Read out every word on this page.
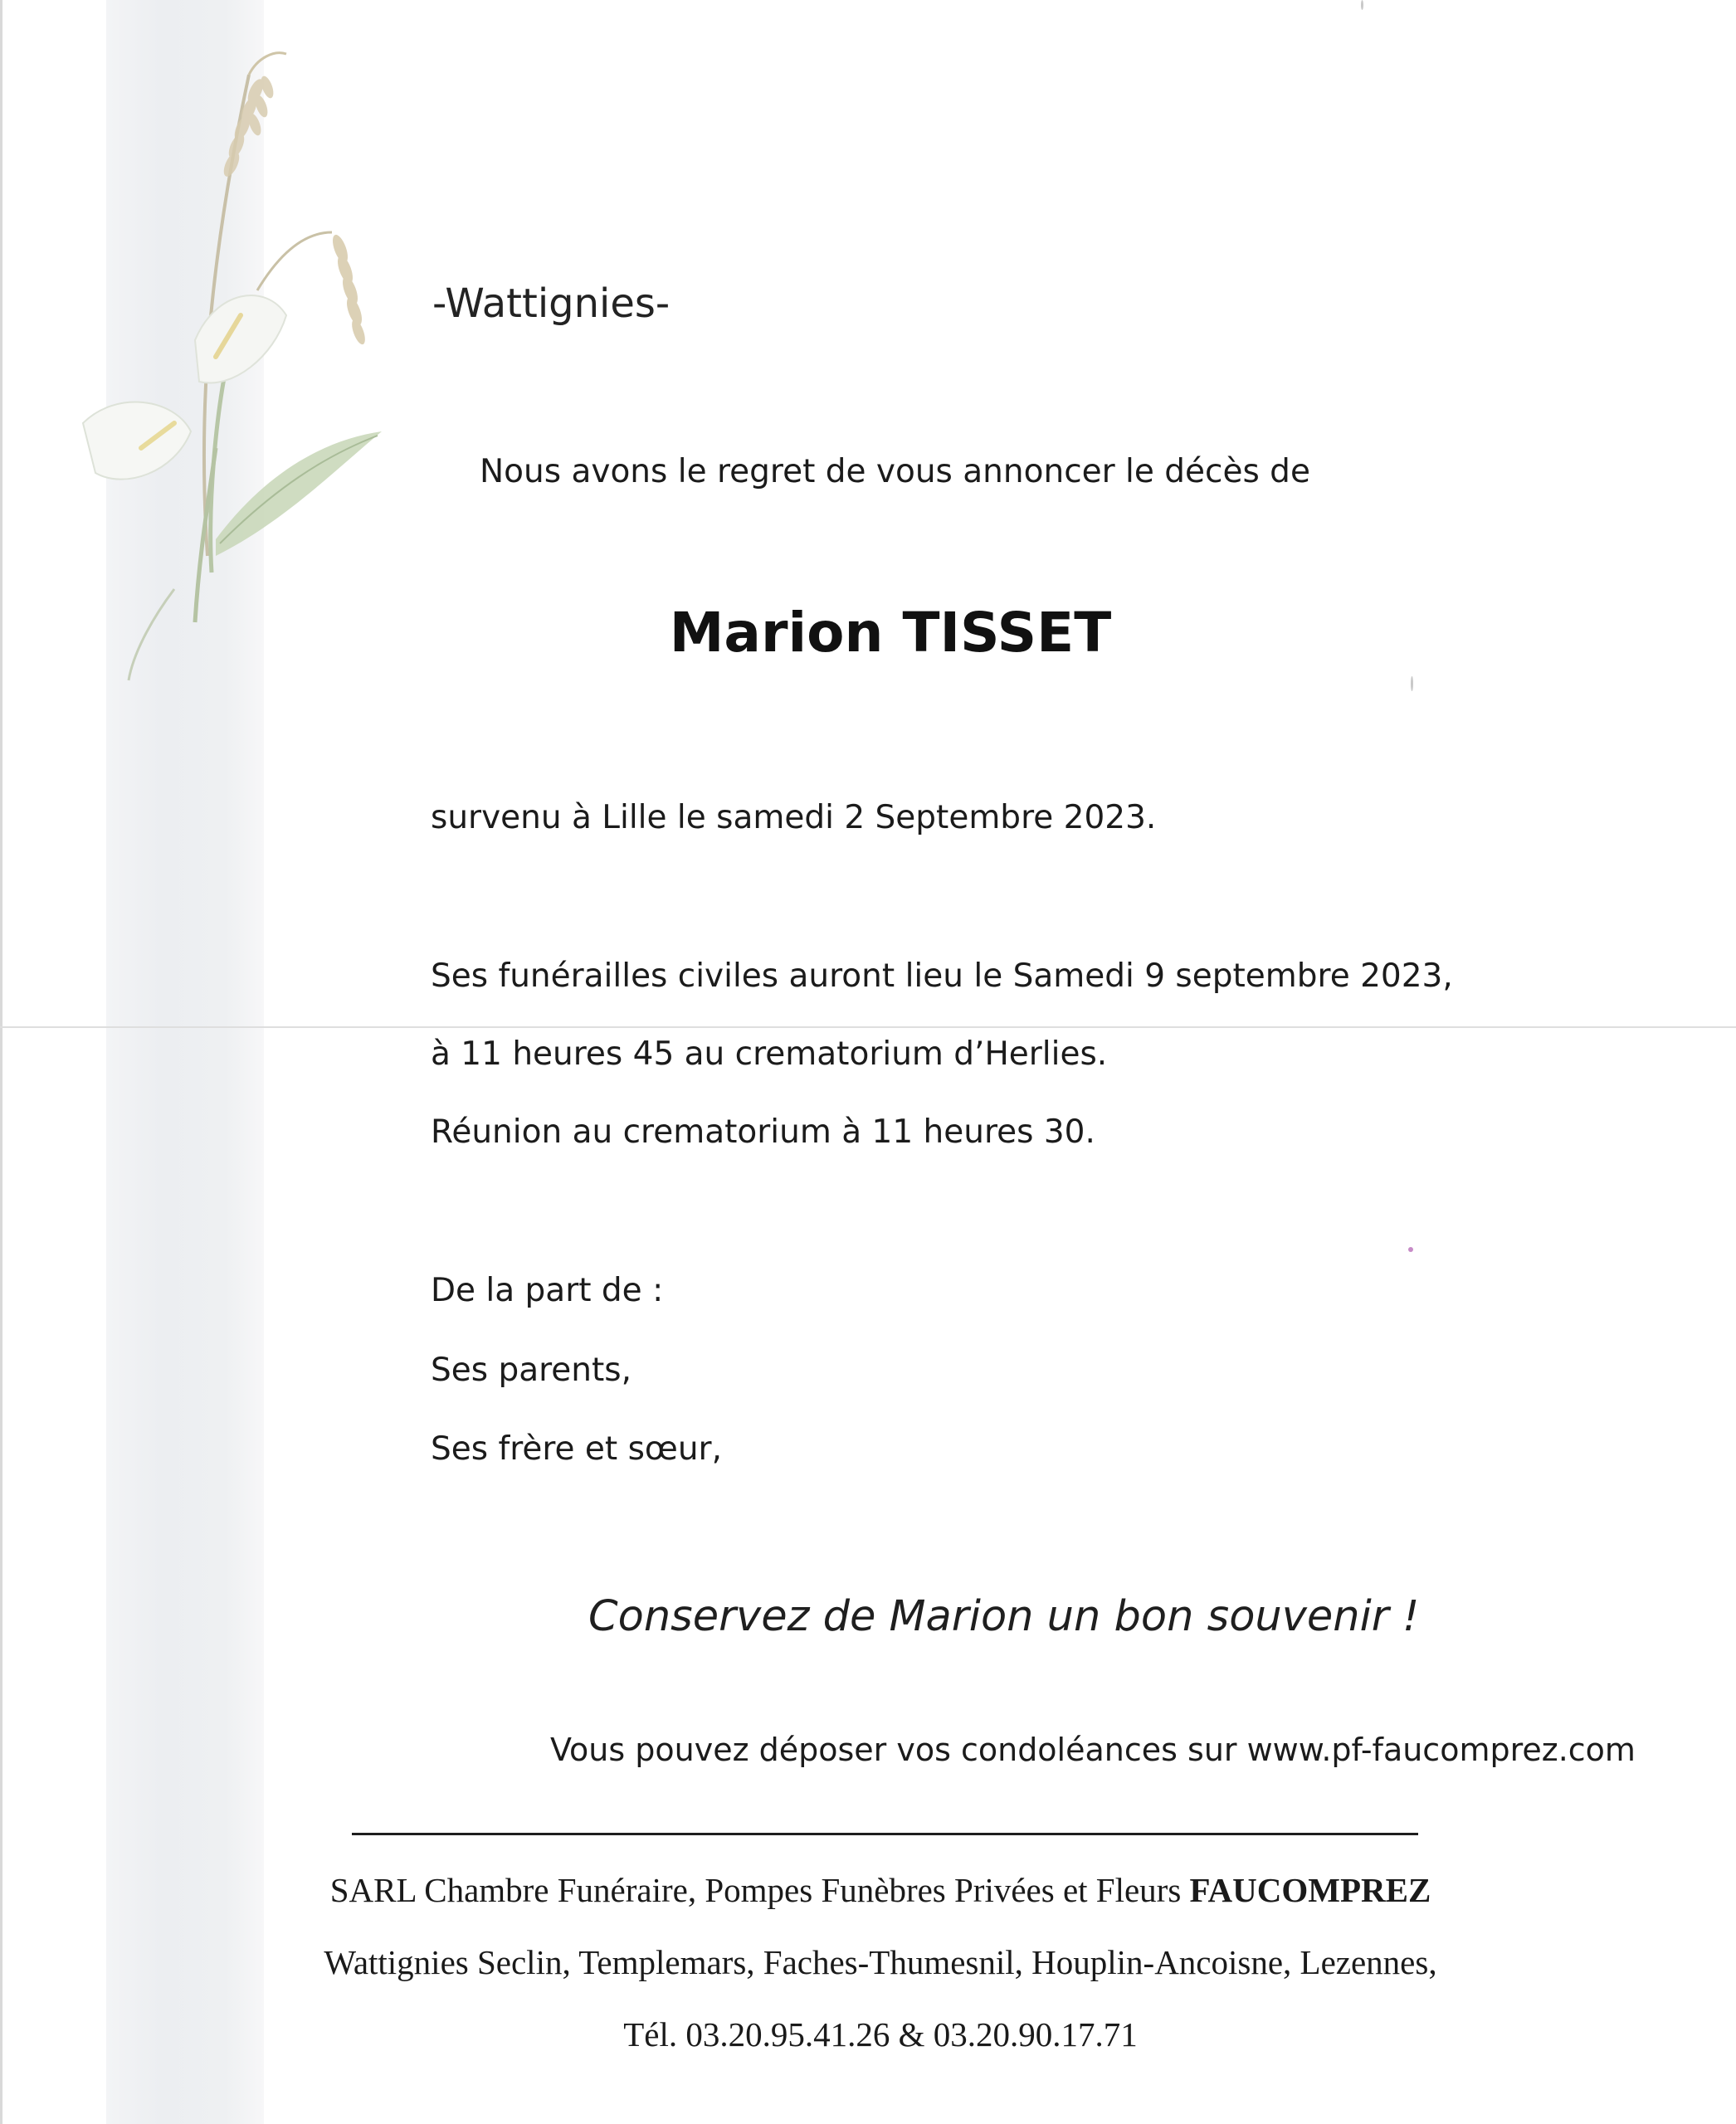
-Wattignies-

Nous avons le regret de vous annoncer le décès de

Marion TISSET

survenu à Lille le samedi 2 Septembre 2023.

Ses funérailles civiles auront lieu le Samedi 9 septembre 2023,

à 11 heures 45 au crematorium d’Herlies.

Réunion au crematorium à 11 heures 30.

De la part de :

Ses parents,

Ses frère et sœur,

Conservez de Marion un bon souvenir !

Vous pouvez déposer vos condoléances sur www.pf-faucomprez.com

SARL Chambre Funéraire, Pompes Funèbres Privées et Fleurs FAUCOMPREZ

Wattignies Seclin, Templemars, Faches-Thumesnil, Houplin-Ancoisne, Lezennes,

Tél. 03.20.95.41.26 & 03.20.90.17.71
